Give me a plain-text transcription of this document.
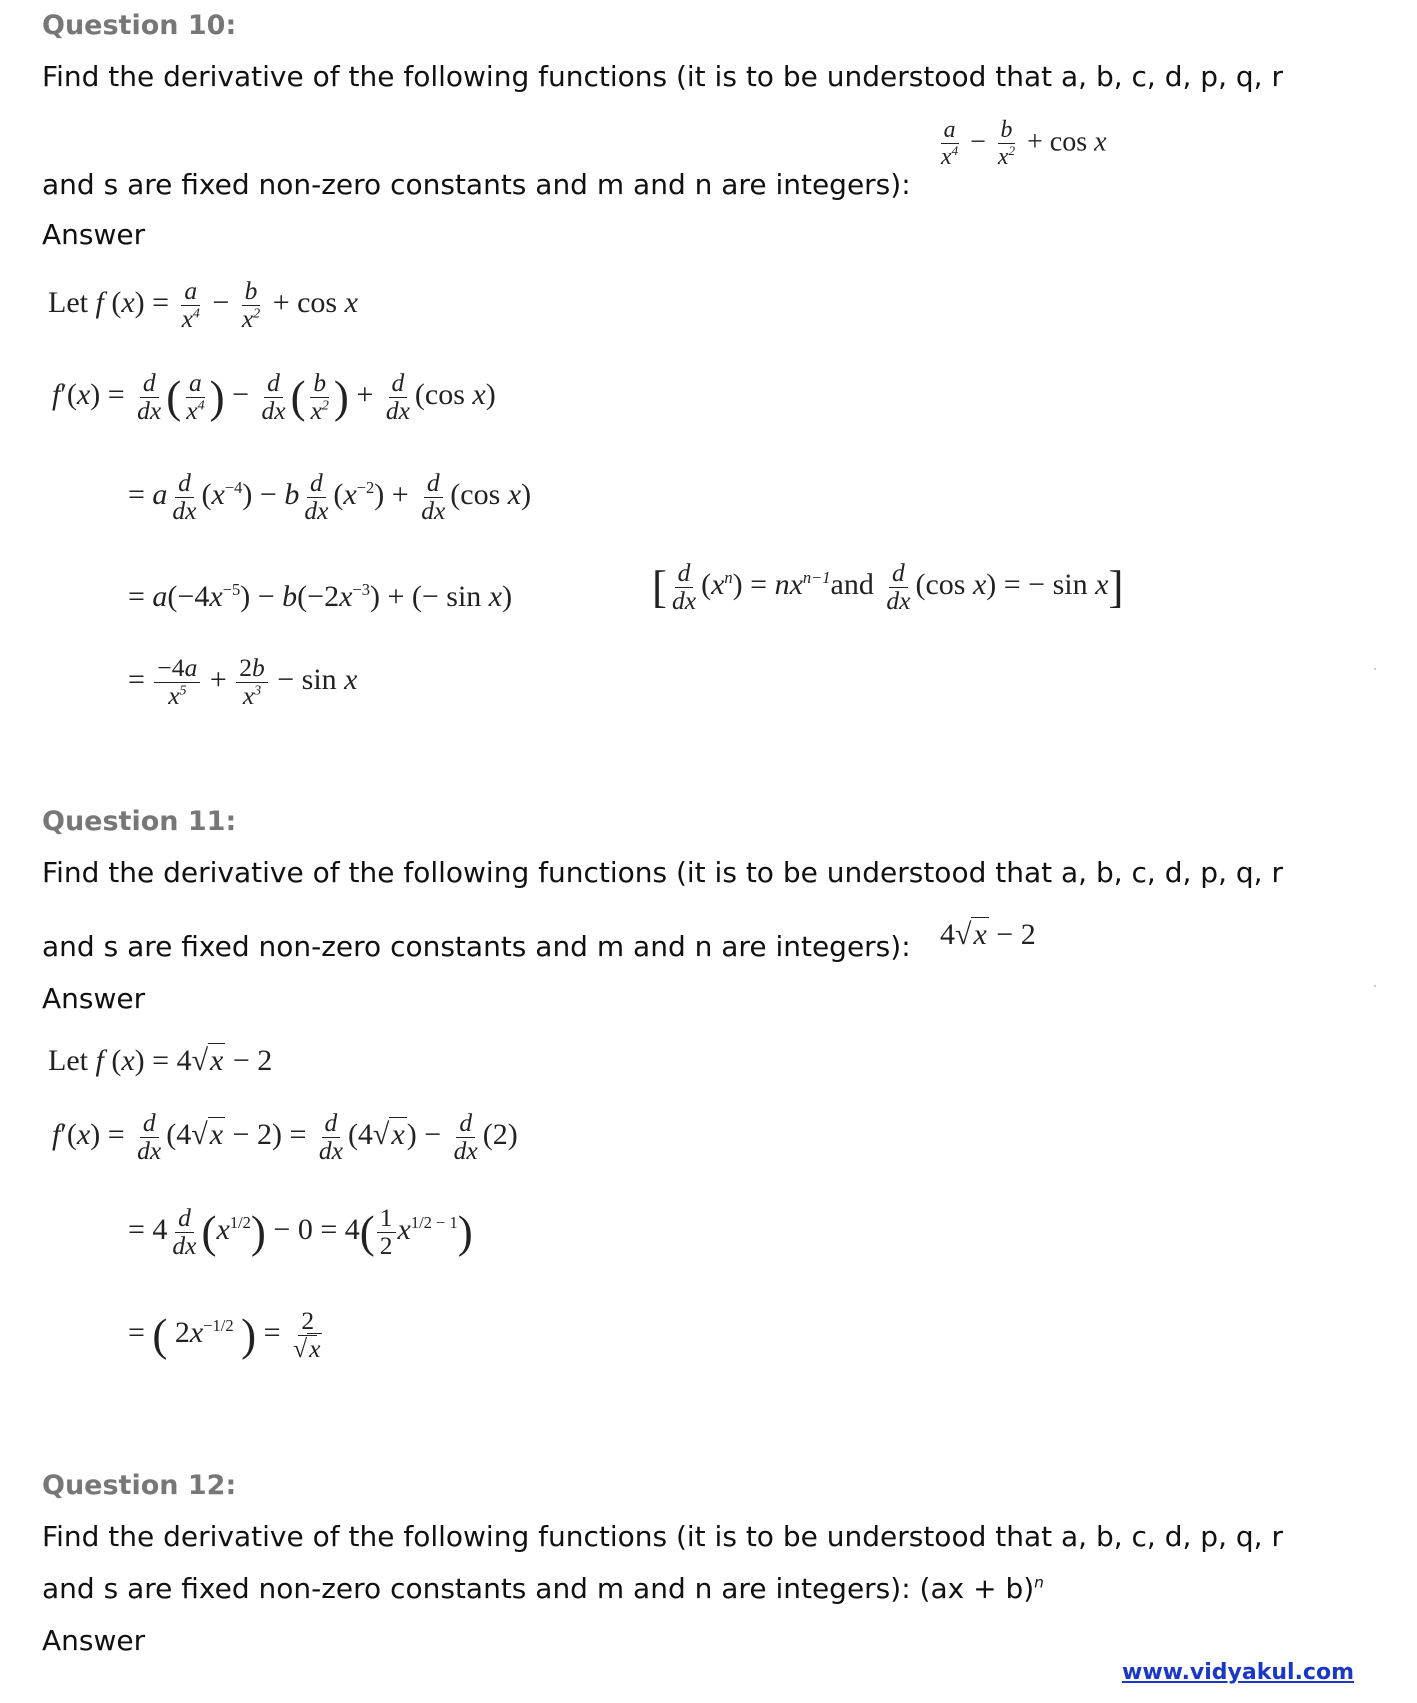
Question 10:
Find the derivative of the following functions (it is to be understood that a, b, c, d, p, q, r
and s are fixed non-zero constants and m and n are integers):
$\frac{a}{x^4} - \frac{b}{x^2} + \cos x$
Answer
Let f $(x) = \frac{a}{x^4} - \frac{b}{x^2} + \cos x$
$f'(x) = \frac{d}{dx}$ ( $\frac{a}{x^4}$ ) − $\frac{d}{dx}$ ( $\frac{b}{x^2}$ ) + $\frac{d}{dx} (\cos$ x)
= a $\frac{d}{dx} (x^{-4}) - b \frac{d}{dx} (x^{-2}) + \frac{d}{dx} (\cos$ x)
= $a(-4x^{-5}) - b(-2x^{-3})$ + (− sin x)	[ $\frac{d}{dx} (x^n) = nx^{n-1}and \frac{d}{dx} (\cos$ x) = − sin x]
= $\frac{-4a}{x^5} + \frac{2b}{x^3} - \sin x$
Question 11:
Find the derivative of the following functions (it is to be understood that a, b, c, d, p, q, r
and s are fixed non-zero constants and m and n are integers): 4√x − 2
Answer
Let f (x) = 4√x − 2
$f'(x) = \frac{d}{dx} (4√x - 2) = \frac{d}{dx} (4√x) - \frac{d}{dx} (2)$
= $4 \frac{d}{dx} (x^{1/2}) - 0 = 4( \frac{1}{2} x^{1/2 - 1})$
= ( $2x^{-1/2}$ ) = $\frac{2}{√x}$
Question 12:
Find the derivative of the following functions (it is to be understood that a, b, c, d, p, q, r
and s are fixed non-zero constants and m and n are integers): (ax + b)$^n$
Answer
www.vidyakul.com
